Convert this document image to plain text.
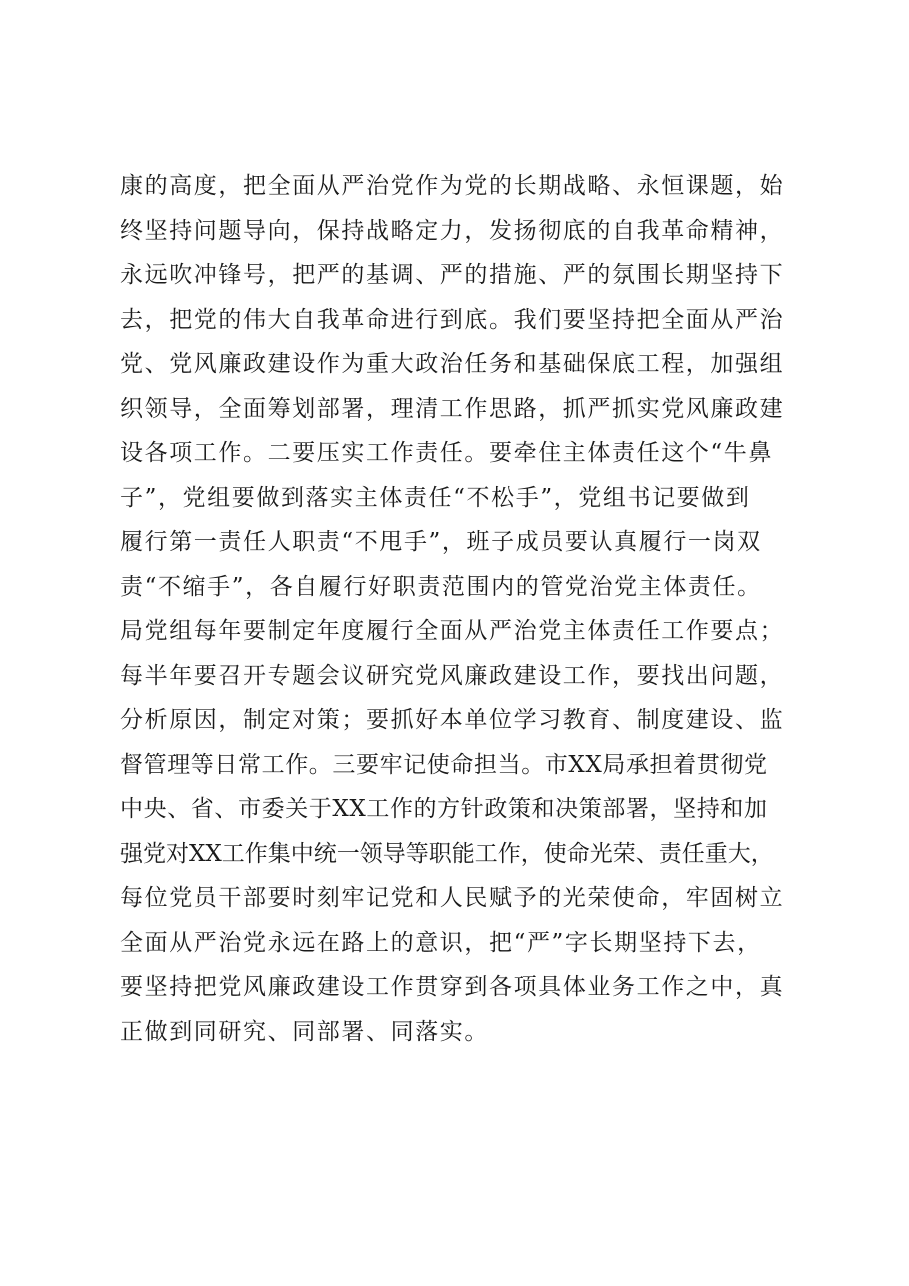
康的高度，把全面从严治党作为党的长期战略、永恒课题，始
终坚持问题导向，保持战略定力，发扬彻底的自我革命精神，
永远吹冲锋号，把严的基调、严的措施、严的氛围长期坚持下
去，把党的伟大自我革命进行到底。我们要坚持把全面从严治
党、党风廉政建设作为重大政治任务和基础保底工程，加强组
织领导，全面筹划部署，理清工作思路，抓严抓实党风廉政建
设各项工作。二要压实工作责任。要牵住主体责任这个“牛鼻
子”，党组要做到落实主体责任“不松手”，党组书记要做到
履行第一责任人职责“不甩手”，班子成员要认真履行一岗双
责“不缩手”，各自履行好职责范围内的管党治党主体责任。
局党组每年要制定年度履行全面从严治党主体责任工作要点；
每半年要召开专题会议研究党风廉政建设工作，要找出问题，
分析原因，制定对策；要抓好本单位学习教育、制度建设、监
督管理等日常工作。三要牢记使命担当。市XX局承担着贯彻党
中央、省、市委关于XX工作的方针政策和决策部署，坚持和加
强党对XX工作集中统一领导等职能工作，使命光荣、责任重大，
每位党员干部要时刻牢记党和人民赋予的光荣使命，牢固树立
全面从严治党永远在路上的意识，把“严”字长期坚持下去，
要坚持把党风廉政建设工作贯穿到各项具体业务工作之中，真
正做到同研究、同部署、同落实。
